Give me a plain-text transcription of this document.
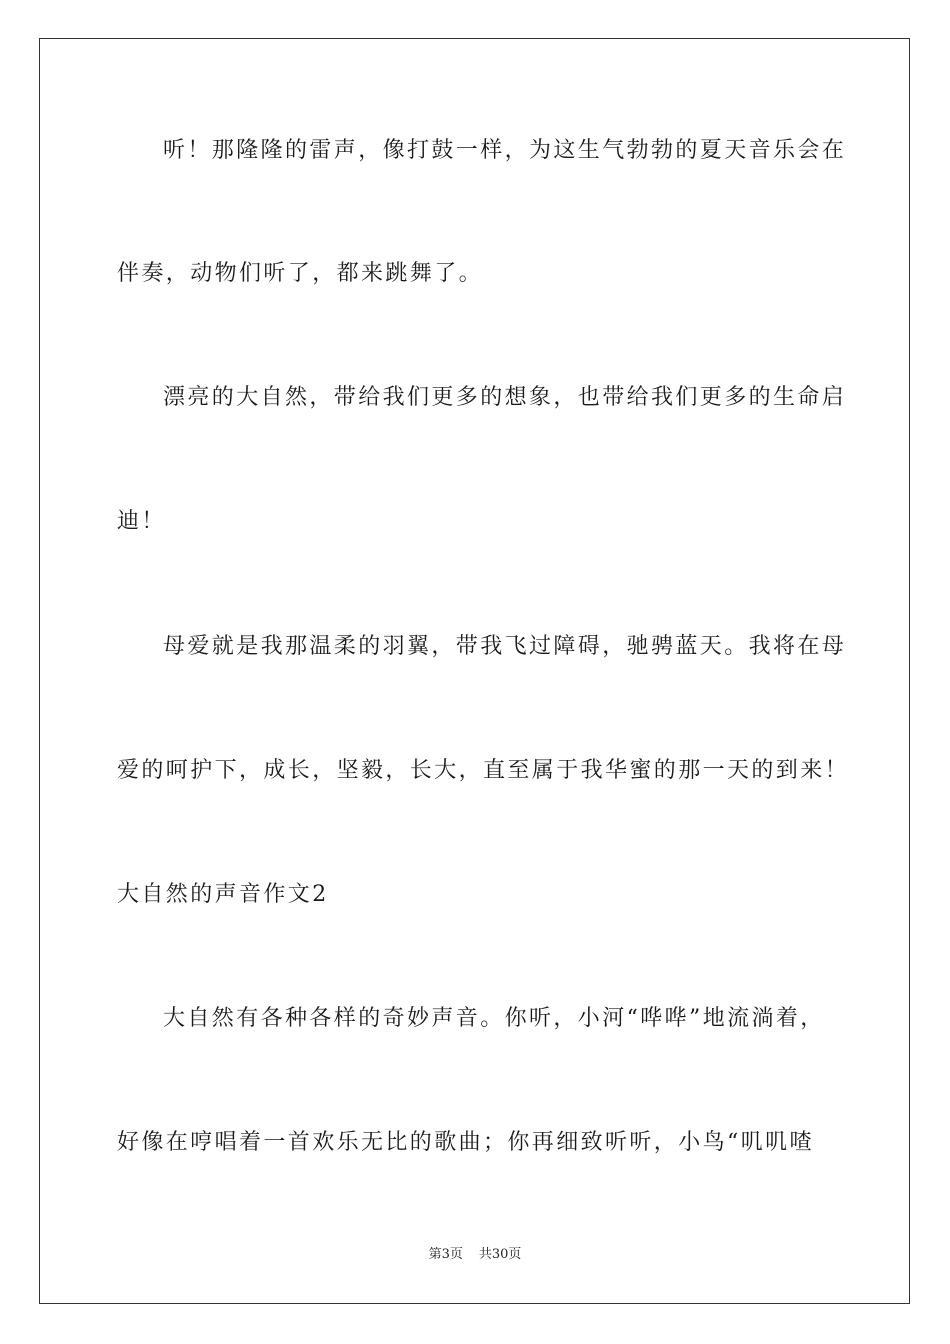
听！那隆隆的雷声，像打鼓一样，为这生气勃勃的夏天音乐会在
伴奏，动物们听了，都来跳舞了。
漂亮的大自然，带给我们更多的想象，也带给我们更多的生命启
迪！
母爱就是我那温柔的羽翼，带我飞过障碍，驰骋蓝天。我将在母
爱的呵护下，成长，坚毅，长大，直至属于我华蜜的那一天的到来！
大自然的声音作文2
大自然有各种各样的奇妙声音。你听，小河“哗哗”地流淌着，
好像在哼唱着一首欢乐无比的歌曲；你再细致听听，小鸟“叽叽喳
第3页 共30页
